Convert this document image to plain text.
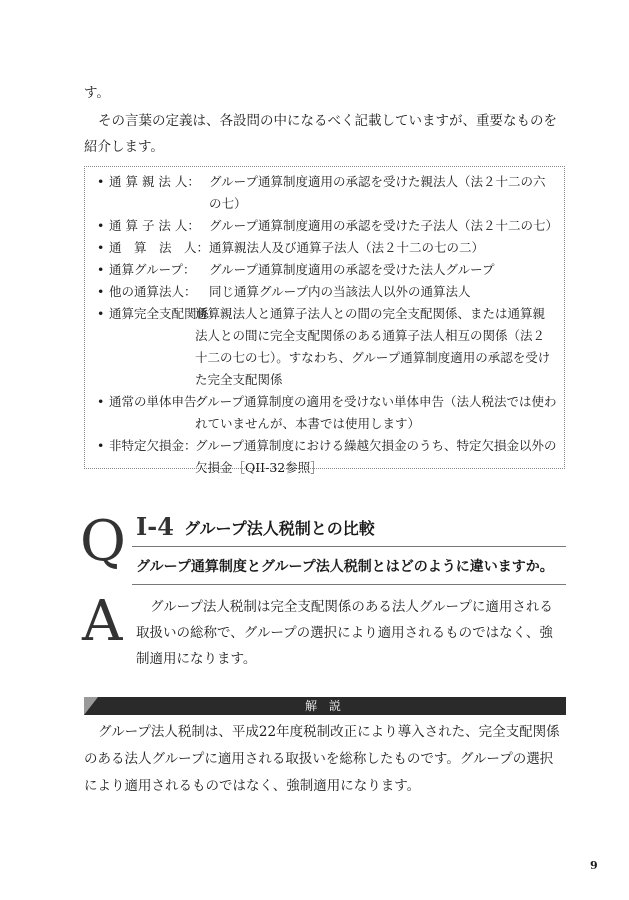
す。

その言葉の定義は、各設問の中になるべく記載していますが、重要なものを紹介します。

• 通 算 親 法 人： グループ通算制度適用の承認を受けた親法人（法２十二の六の七）
• 通 算 子 法 人： グループ通算制度適用の承認を受けた子法人（法２十二の七）
• 通　算　法　人： 通算親法人及び通算子法人（法２十二の七の二）
• 通算グループ： グループ通算制度適用の承認を受けた法人グループ
• 他の通算法人： 同じ通算グループ内の当該法人以外の通算法人
• 通算完全支配関係：
通算親法人と通算子法人との間の完全支配関係、または通算親法人との間に完全支配関係のある通算子法人相互の関係（法２十二の七の七）。すなわち、グループ通算制度適用の承認を受けた完全支配関係
• 通常の単体申告：
グループ通算制度の適用を受けない単体申告（法人税法では使われていませんが、本書では使用します）
• 非特定欠損金：
グループ通算制度における繰越欠損金のうち、特定欠損金以外の欠損金［QII-32参照］
Q I-4 グループ法人税制との比較
グループ通算制度とグループ法人税制とはどのように違いますか。
A	グループ法人税制は完全支配関係のある法人グループに適用される取扱いの総称で、グループの選択により適用されるものではなく、強制適用になります。

解 説

グループ法人税制は、平成22年度税制改正により導入された、完全支配関係のある法人グループに適用される取扱いを総称したものです。グループの選択により適用されるものではなく、強制適用になります。

9
